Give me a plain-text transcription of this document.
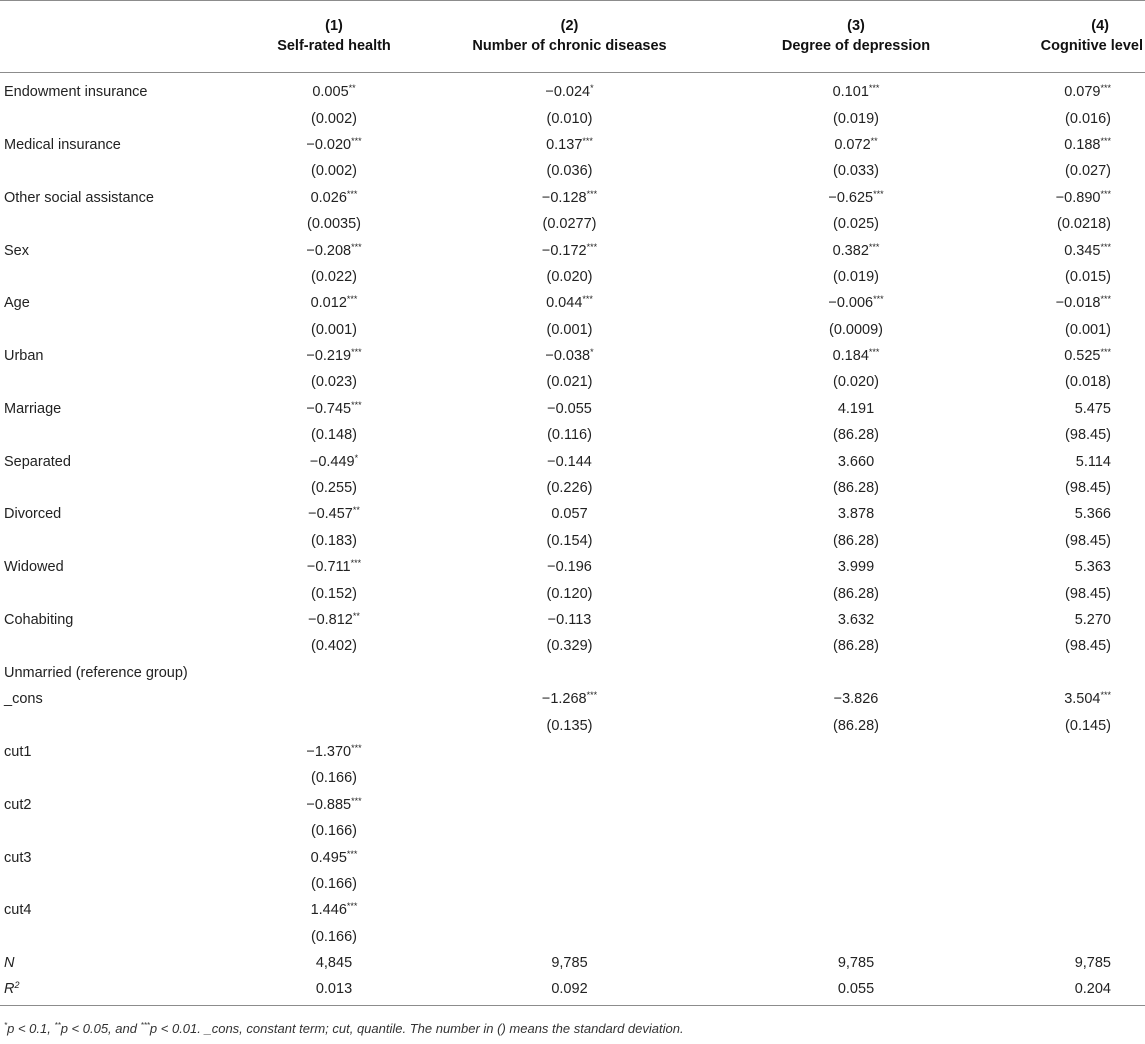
	(1)	(2)	(3)	(4)
	Self-rated health	Number of chronic diseases	Degree of depression	Cognitive level
Endowment insurance	0.005**	−0.024*	0.101***	0.079***
	(0.002)	(0.010)	(0.019)	(0.016)
Medical insurance	−0.020***	0.137***	0.072**	0.188***
	(0.002)	(0.036)	(0.033)	(0.027)
Other social assistance	0.026***	−0.128***	−0.625***	−0.890***
	(0.0035)	(0.0277)	(0.025)	(0.0218)
Sex	−0.208***	−0.172***	0.382***	0.345***
	(0.022)	(0.020)	(0.019)	(0.015)
Age	0.012***	0.044***	−0.006***	−0.018***
	(0.001)	(0.001)	(0.0009)	(0.001)
Urban	−0.219***	−0.038*	0.184***	0.525***
	(0.023)	(0.021)	(0.020)	(0.018)
Marriage	−0.745***	−0.055	4.191	5.475
	(0.148)	(0.116)	(86.28)	(98.45)
Separated	−0.449*	−0.144	3.660	5.114
	(0.255)	(0.226)	(86.28)	(98.45)
Divorced	−0.457**	0.057	3.878	5.366
	(0.183)	(0.154)	(86.28)	(98.45)
Widowed	−0.711***	−0.196	3.999	5.363
	(0.152)	(0.120)	(86.28)	(98.45)
Cohabiting	−0.812**	−0.113	3.632	5.270
	(0.402)	(0.329)	(86.28)	(98.45)
Unmarried (reference group)				
_cons		−1.268***	−3.826	3.504***
		(0.135)	(86.28)	(0.145)
cut1	−1.370***			
	(0.166)			
cut2	−0.885***			
	(0.166)			
cut3	0.495***			
	(0.166)			
cut4	1.446***			
	(0.166)			
N	4,845	9,785	9,785	9,785
$R^2$	0.013	0.092	0.055	0.204
*p < 0.1, **p < 0.05, and ***p < 0.01. _cons, constant term; cut, quantile. The number in () means the standard deviation.
